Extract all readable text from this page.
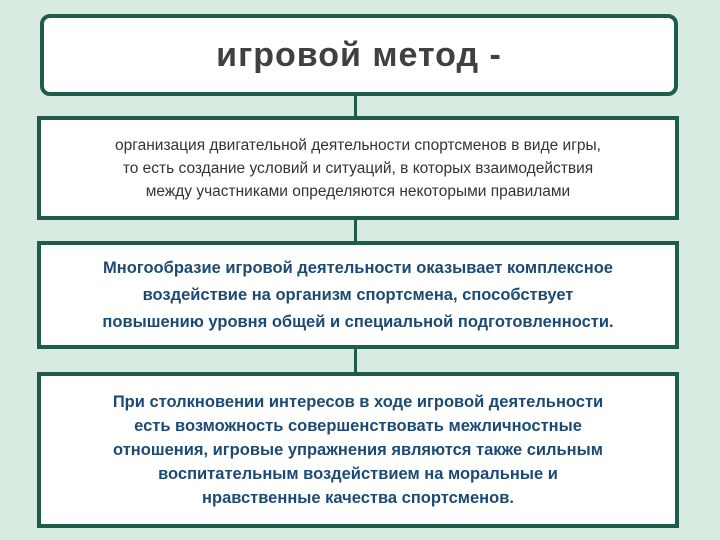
игровой метод -
организация двигательной деятельности спортсменов в виде игры,
то есть создание условий и ситуаций, в которых взаимодействия
между участниками определяются некоторыми правилами
Многообразие игровой деятельности оказывает комплексное
воздействие на организм спортсмена, способствует
повышению уровня общей и специальной подготовленности.
При столкновении интересов в ходе игровой деятельности
есть возможность совершенствовать межличностные
отношения, игровые упражнения являются также сильным
воспитательным воздействием на моральные и
нравственные качества спортсменов.
